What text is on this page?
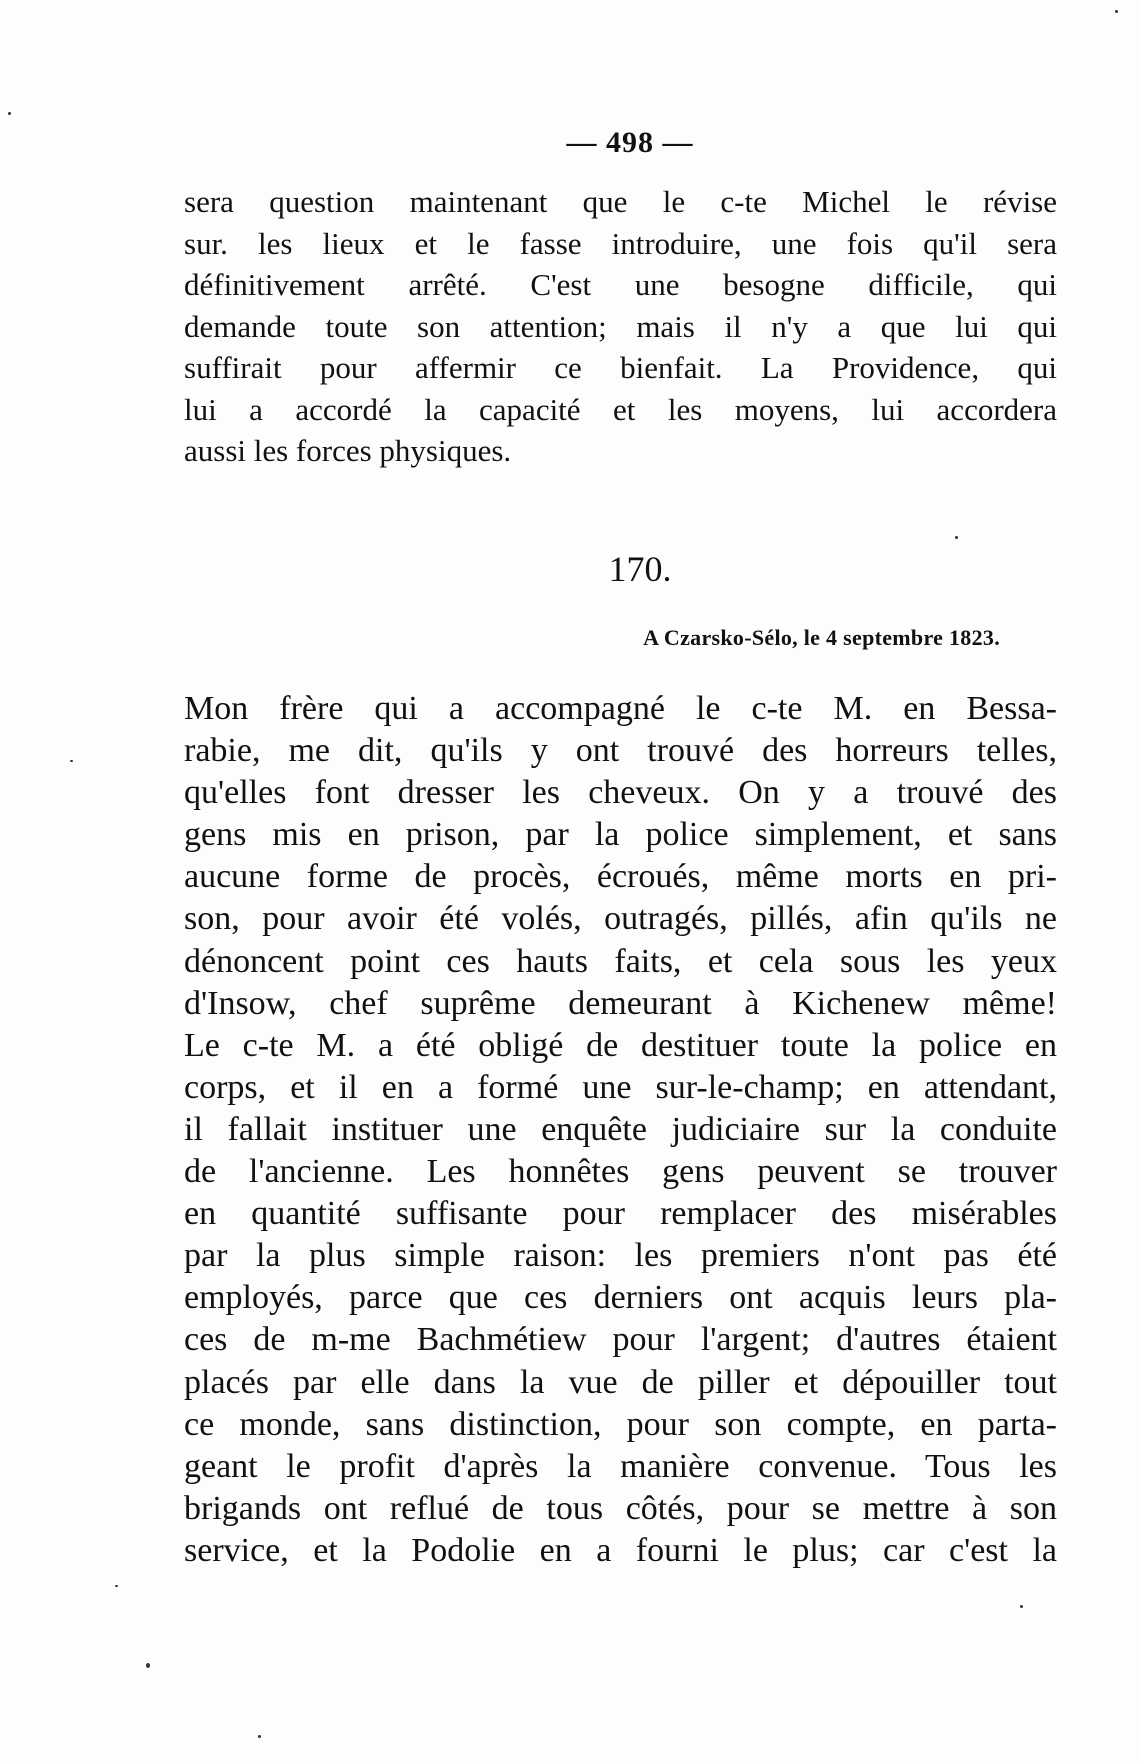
— 498 —
sera question maintenant que le c-te Michel le révise
sur. les lieux et le fasse introduire, une fois qu'il sera
définitivement arrêté. C'est une besogne difficile, qui
demande toute son attention; mais il n'y a que lui qui
suffirait pour affermir ce bienfait. La Providence, qui
lui a accordé la capacité et les moyens, lui accordera
aussi les forces physiques.
170.
A Czarsko-Sélo, le 4 septembre 1823.
Mon frère qui a accompagné le c-te M. en Bessa-
rabie, me dit, qu'ils y ont trouvé des horreurs telles,
qu'elles font dresser les cheveux. On y a trouvé des
gens mis en prison, par la police simplement, et sans
aucune forme de procès, écroués, même morts en pri-
son, pour avoir été volés, outragés, pillés, afin qu'ils ne
dénoncent point ces hauts faits, et cela sous les yeux
d'Insow, chef suprême demeurant à Kichenew même!
Le c-te M. a été obligé de destituer toute la police en
corps, et il en a formé une sur-le-champ; en attendant,
il fallait instituer une enquête judiciaire sur la conduite
de l'ancienne. Les honnêtes gens peuvent se trouver
en quantité suffisante pour remplacer des misérables
par la plus simple raison: les premiers n'ont pas été
employés, parce que ces derniers ont acquis leurs pla-
ces de m-me Bachmétiew pour l'argent; d'autres étaient
placés par elle dans la vue de piller et dépouiller tout
ce monde, sans distinction, pour son compte, en parta-
geant le profit d'après la manière convenue. Tous les
brigands ont reflué de tous côtés, pour se mettre à son
service, et la Podolie en a fourni le plus; car c'est la
